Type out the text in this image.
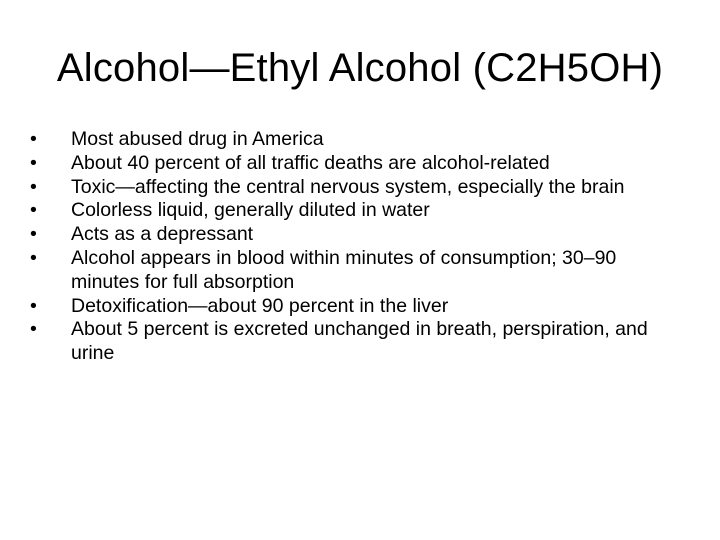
Alcohol—Ethyl Alcohol (C2H5OH)
•	Most abused drug in America
•	About 40 percent of all traffic deaths are alcohol-related
•	Toxic—affecting the central nervous system, especially the brain
•	Colorless liquid, generally diluted in water
•	Acts as a depressant
•	Alcohol appears in blood within minutes of consumption; 30–90 minutes for full absorption
•	Detoxification—about 90 percent in the liver
•	About 5 percent is excreted unchanged in breath, perspiration, and urine
